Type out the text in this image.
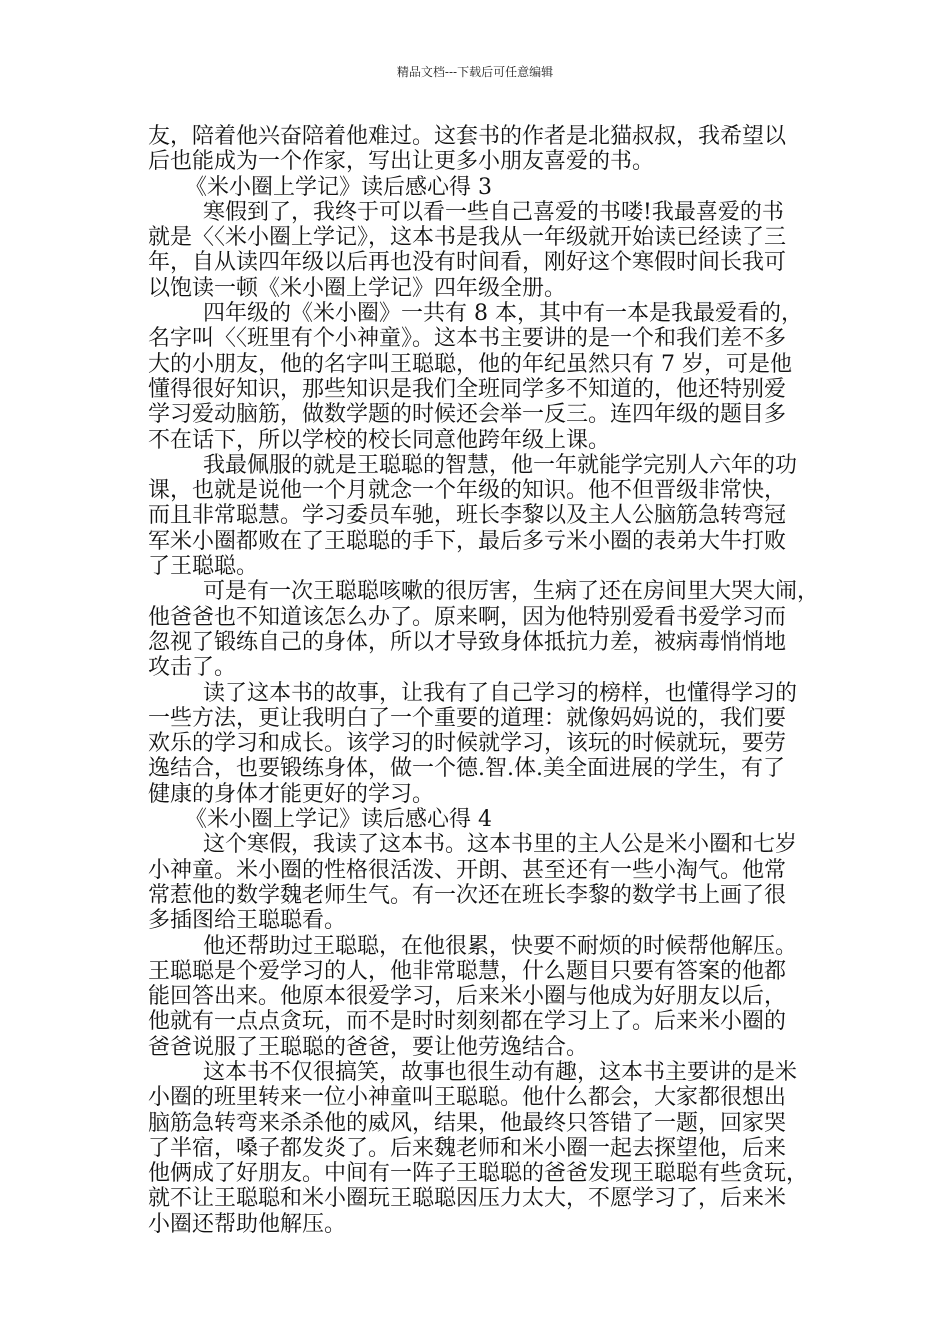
精品文档---下载后可任意编辑
友，陪着他兴奋陪着他难过。这套书的作者是北猫叔叔，我希望以
后也能成为一个作家，写出让更多小朋友喜爱的书。
《米小圈上学记》读后感心得 3
寒假到了，我终于可以看一些自己喜爱的书喽!我最喜爱的书
就是〈〈米小圈上学记》，这本书是我从一年级就开始读已经读了三
年，自从读四年级以后再也没有时间看，刚好这个寒假时间长我可
以饱读一顿《米小圈上学记》四年级全册。
四年级的《米小圈》一共有 8 本，其中有一本是我最爱看的，
名字叫〈〈班里有个小神童》。这本书主要讲的是一个和我们差不多
大的小朋友，他的名字叫王聪聪，他的年纪虽然只有 7 岁，可是他
懂得很好知识，那些知识是我们全班同学多不知道的，他还特别爱
学习爱动脑筋，做数学题的时候还会举一反三。连四年级的题目多
不在话下，所以学校的校长同意他跨年级上课。
我最佩服的就是王聪聪的智慧，他一年就能学完别人六年的功
课，也就是说他一个月就念一个年级的知识。他不但晋级非常快，
而且非常聪慧。学习委员车驰，班长李黎以及主人公脑筋急转弯冠
军米小圈都败在了王聪聪的手下，最后多亏米小圈的表弟大牛打败
了王聪聪。
可是有一次王聪聪咳嗽的很厉害，生病了还在房间里大哭大闹，
他爸爸也不知道该怎么办了。原来啊，因为他特别爱看书爱学习而
忽视了锻练自己的身体，所以才导致身体抵抗力差，被病毒悄悄地
攻击了。
读了这本书的故事，让我有了自己学习的榜样，也懂得学习的
一些方法，更让我明白了一个重要的道理：就像妈妈说的，我们要
欢乐的学习和成长。该学习的时候就学习，该玩的时候就玩，要劳
逸结合，也要锻练身体，做一个德.智.体.美全面进展的学生，有了
健康的身体才能更好的学习。
《米小圈上学记》读后感心得 4
这个寒假，我读了这本书。这本书里的主人公是米小圈和七岁
小神童。米小圈的性格很活泼、开朗、甚至还有一些小淘气。他常
常惹他的数学魏老师生气。有一次还在班长李黎的数学书上画了很
多插图给王聪聪看。
他还帮助过王聪聪，在他很累，快要不耐烦的时候帮他解压。
王聪聪是个爱学习的人，他非常聪慧，什么题目只要有答案的他都
能回答出来。他原本很爱学习，后来米小圈与他成为好朋友以后，
他就有一点点贪玩，而不是时时刻刻都在学习上了。后来米小圈的
爸爸说服了王聪聪的爸爸，要让他劳逸结合。
这本书不仅很搞笑，故事也很生动有趣，这本书主要讲的是米
小圈的班里转来一位小神童叫王聪聪。他什么都会，大家都很想出
脑筋急转弯来杀杀他的威风，结果，他最终只答错了一题，回家哭
了半宿，嗓子都发炎了。后来魏老师和米小圈一起去探望他，后来
他俩成了好朋友。中间有一阵子王聪聪的爸爸发现王聪聪有些贪玩，
就不让王聪聪和米小圈玩王聪聪因压力太大，不愿学习了，后来米
小圈还帮助他解压。
